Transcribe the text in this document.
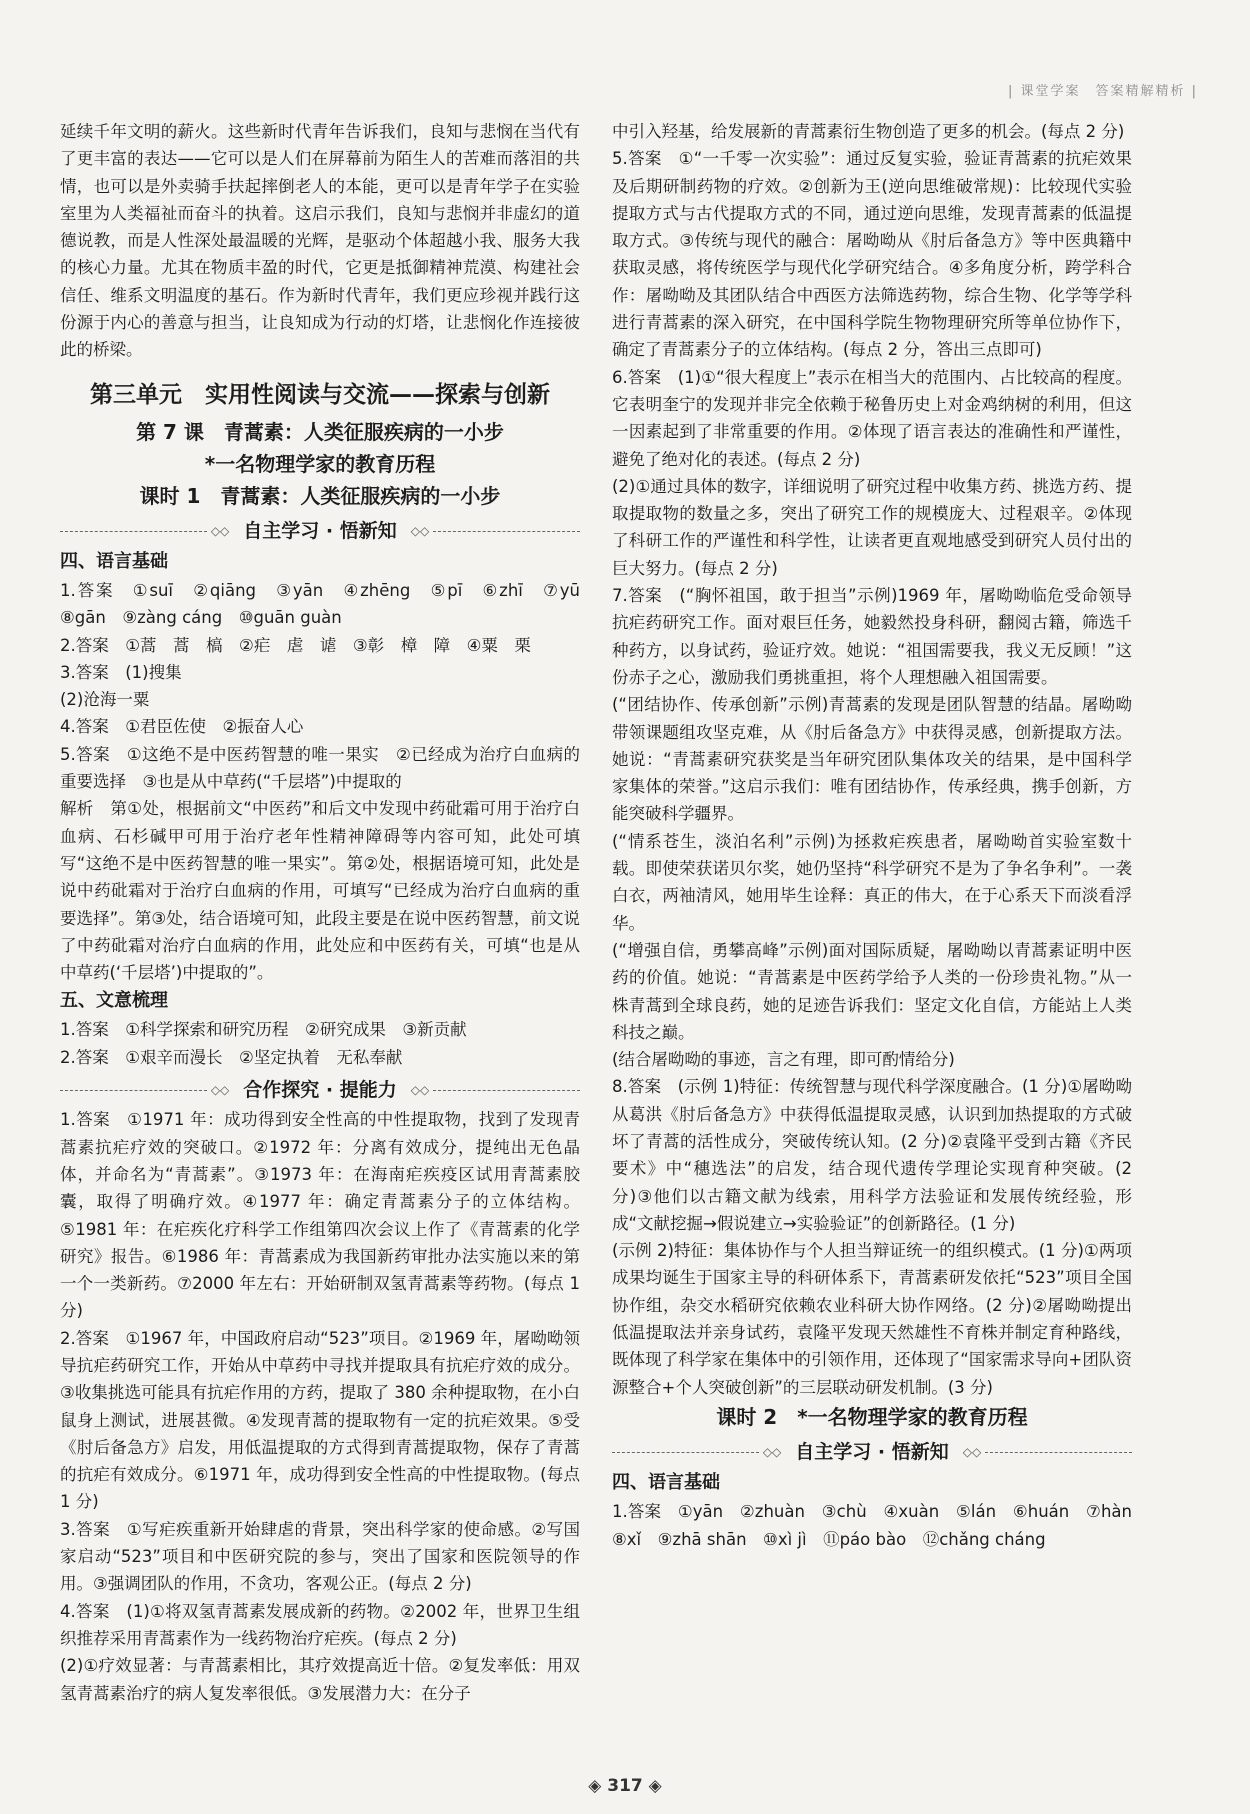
| 课堂学案　答案精解精析 |
延续千年文明的薪火。这些新时代青年告诉我们，良知与悲悯在当代有了更丰富的表达——它可以是人们在屏幕前为陌生人的苦难而落泪的共情，也可以是外卖骑手扶起摔倒老人的本能，更可以是青年学子在实验室里为人类福祉而奋斗的执着。这启示我们，良知与悲悯并非虚幻的道德说教，而是人性深处最温暖的光辉，是驱动个体超越小我、服务大我的核心力量。尤其在物质丰盈的时代，它更是抵御精神荒漠、构建社会信任、维系文明温度的基石。作为新时代青年，我们更应珍视并践行这份源于内心的善意与担当，让良知成为行动的灯塔，让悲悯化作连接彼此的桥梁。
第三单元　实用性阅读与交流——探索与创新
第 7 课　青蒿素：人类征服疾病的一小步
*一名物理学家的教育历程
课时 1　青蒿素：人类征服疾病的一小步
◇◇ 自主学习 · 悟新知	◇◇
四、语言基础
1.答案　①suī　②qiāng　③yān　④zhēng　⑤pī　⑥zhī　⑦yū　⑧gān　⑨zàng cáng　⑩guān guàn
2.答案　①蒿　蒿　槁　②疟　虐　谑　③彰　樟　障　④粟　栗
3.答案　(1)搜集
(2)沧海一粟
4.答案　①君臣佐使　②振奋人心
5.答案　①这绝不是中医药智慧的唯一果实　②已经成为治疗白血病的重要选择　③也是从中草药(“千层塔”)中提取的
解析　第①处，根据前文“中医药”和后文中发现中药砒霜可用于治疗白血病、石杉碱甲可用于治疗老年性精神障碍等内容可知，此处可填写“这绝不是中医药智慧的唯一果实”。第②处，根据语境可知，此处是说中药砒霜对于治疗白血病的作用，可填写“已经成为治疗白血病的重要选择”。第③处，结合语境可知，此段主要是在说中医药智慧，前文说了中药砒霜对治疗白血病的作用，此处应和中医药有关，可填“也是从中草药(‘千层塔’)中提取的”。
五、文意梳理
1.答案　①科学探索和研究历程　②研究成果　③新贡献
2.答案　①艰辛而漫长　②坚定执着　无私奉献
◇◇ 合作探究 · 提能力	◇◇
1.答案　①1971 年：成功得到安全性高的中性提取物，找到了发现青蒿素抗疟疗效的突破口。②1972 年：分离有效成分，提纯出无色晶体，并命名为“青蒿素”。③1973 年：在海南疟疾疫区试用青蒿素胶囊，取得了明确疗效。④1977 年：确定青蒿素分子的立体结构。⑤1981 年：在疟疾化疗科学工作组第四次会议上作了《青蒿素的化学研究》报告。⑥1986 年：青蒿素成为我国新药审批办法实施以来的第一个一类新药。⑦2000 年左右：开始研制双氢青蒿素等药物。(每点 1 分)
2.答案　①1967 年，中国政府启动“523”项目。②1969 年，屠呦呦领导抗疟药研究工作，开始从中草药中寻找并提取具有抗疟疗效的成分。③收集挑选可能具有抗疟作用的方药，提取了 380 余种提取物，在小白鼠身上测试，进展甚微。④发现青蒿的提取物有一定的抗疟效果。⑤受《肘后备急方》启发，用低温提取的方式得到青蒿提取物，保存了青蒿的抗疟有效成分。⑥1971 年，成功得到安全性高的中性提取物。(每点 1 分)
3.答案　①写疟疾重新开始肆虐的背景，突出科学家的使命感。②写国家启动“523”项目和中医研究院的参与，突出了国家和医院领导的作用。③强调团队的作用，不贪功，客观公正。(每点 2 分)
4.答案　(1)①将双氢青蒿素发展成新的药物。②2002 年，世界卫生组织推荐采用青蒿素作为一线药物治疗疟疾。(每点 2 分)
(2)①疗效显著：与青蒿素相比，其疗效提高近十倍。②复发率低：用双氢青蒿素治疗的病人复发率很低。③发展潜力大：在分子
中引入羟基，给发展新的青蒿素衍生物创造了更多的机会。(每点 2 分)
5.答案　①“一千零一次实验”：通过反复实验，验证青蒿素的抗疟效果及后期研制药物的疗效。②创新为王(逆向思维破常规)：比较现代实验提取方式与古代提取方式的不同，通过逆向思维，发现青蒿素的低温提取方式。③传统与现代的融合：屠呦呦从《肘后备急方》等中医典籍中获取灵感，将传统医学与现代化学研究结合。④多角度分析，跨学科合作：屠呦呦及其团队结合中西医方法筛选药物，综合生物、化学等学科进行青蒿素的深入研究，在中国科学院生物物理研究所等单位协作下，确定了青蒿素分子的立体结构。(每点 2 分，答出三点即可)
6.答案　(1)①“很大程度上”表示在相当大的范围内、占比较高的程度。它表明奎宁的发现并非完全依赖于秘鲁历史上对金鸡纳树的利用，但这一因素起到了非常重要的作用。②体现了语言表达的准确性和严谨性，避免了绝对化的表述。(每点 2 分)
(2)①通过具体的数字，详细说明了研究过程中收集方药、挑选方药、提取提取物的数量之多，突出了研究工作的规模庞大、过程艰辛。②体现了科研工作的严谨性和科学性，让读者更直观地感受到研究人员付出的巨大努力。(每点 2 分)
7.答案　(“胸怀祖国，敢于担当”示例)1969 年，屠呦呦临危受命领导抗疟药研究工作。面对艰巨任务，她毅然投身科研，翻阅古籍，筛选千种药方，以身试药，验证疗效。她说：“祖国需要我，我义无反顾！”这份赤子之心，激励我们勇挑重担，将个人理想融入祖国需要。
(“团结协作、传承创新”示例)青蒿素的发现是团队智慧的结晶。屠呦呦带领课题组攻坚克难，从《肘后备急方》中获得灵感，创新提取方法。她说：“青蒿素研究获奖是当年研究团队集体攻关的结果，是中国科学家集体的荣誉。”这启示我们：唯有团结协作，传承经典，携手创新，方能突破科学疆界。
(“情系苍生，淡泊名利”示例)为拯救疟疾患者，屠呦呦首实验室数十载。即使荣获诺贝尔奖，她仍坚持“科学研究不是为了争名争利”。一袭白衣，两袖清风，她用毕生诠释：真正的伟大，在于心系天下而淡看浮华。
(“增强自信，勇攀高峰”示例)面对国际质疑，屠呦呦以青蒿素证明中医药的价值。她说：“青蒿素是中医药学给予人类的一份珍贵礼物。”从一株青蒿到全球良药，她的足迹告诉我们：坚定文化自信，方能站上人类科技之巅。
(结合屠呦呦的事迹，言之有理，即可酌情给分)
8.答案　(示例 1)特征：传统智慧与现代科学深度融合。(1 分)①屠呦呦从葛洪《肘后备急方》中获得低温提取灵感，认识到加热提取的方式破坏了青蒿的活性成分，突破传统认知。(2 分)②袁隆平受到古籍《齐民要术》中“穗选法”的启发，结合现代遗传学理论实现育种突破。(2 分)③他们以古籍文献为线索，用科学方法验证和发展传统经验，形成“文献挖掘→假说建立→实验验证”的创新路径。(1 分)
(示例 2)特征：集体协作与个人担当辩证统一的组织模式。(1 分)①两项成果均诞生于国家主导的科研体系下，青蒿素研发依托“523”项目全国协作组，杂交水稻研究依赖农业科研大协作网络。(2 分)②屠呦呦提出低温提取法并亲身试药，袁隆平发现天然雄性不育株并制定育种路线，既体现了科学家在集体中的引领作用，还体现了“国家需求导向+团队资源整合+个人突破创新”的三层联动研发机制。(3 分)
课时 2　*一名物理学家的教育历程
◇◇ 自主学习 · 悟新知	◇◇
四、语言基础
1.答案　①yān　②zhuàn　③chù　④xuàn　⑤lán　⑥huán　⑦hàn　⑧xǐ　⑨zhā shān　⑩xì jì　⑪páo bào　⑫chǎng cháng
◈ 317 ◈
